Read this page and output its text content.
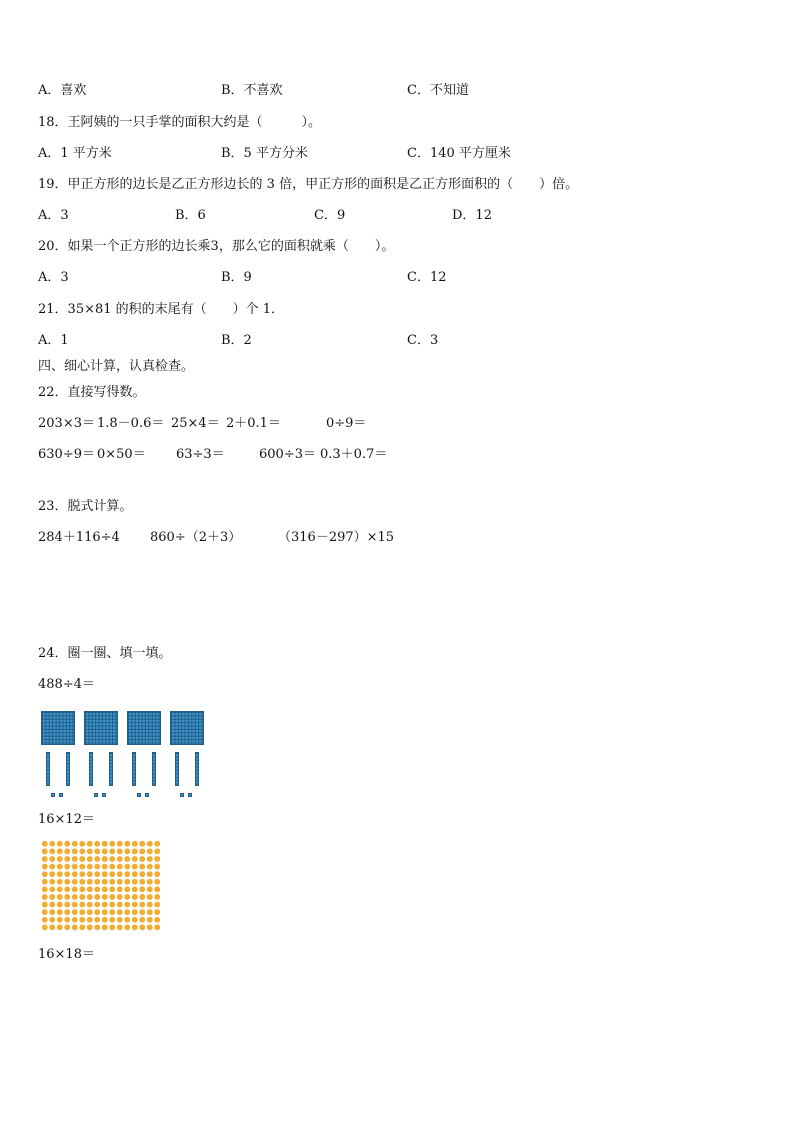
A．喜欢	B．不喜欢	C．不知道
18．王阿姨的一只手掌的面积大约是（　　　）。
A．1 平方米	B．5 平方分米	C．140 平方厘米
19．甲正方形的边长是乙正方形边长的 3 倍，甲正方形的面积是乙正方形面积的（　　）倍。
A．3	B．6	C．9	D．12
20．如果一个正方形的边长乘3，那么它的面积就乘（　　）。
A．3	B．9	C．12
21．35×81 的积的末尾有（　　）个 1．
A．1	B．2	C．3
四、细心计算，认真检查。
22．直接写得数。
203×3＝ 1.8－0.6＝ 25×4＝ 2＋0.1＝	0÷9＝
630÷9＝ 0×50＝ 63÷3＝	600÷3＝ 0.3＋0.7＝
23．脱式计算。
284＋116÷4 860÷（2＋3）	（316－297）×15
24．圈一圈、填一填。
488÷4＝
16×12＝
16×18＝
